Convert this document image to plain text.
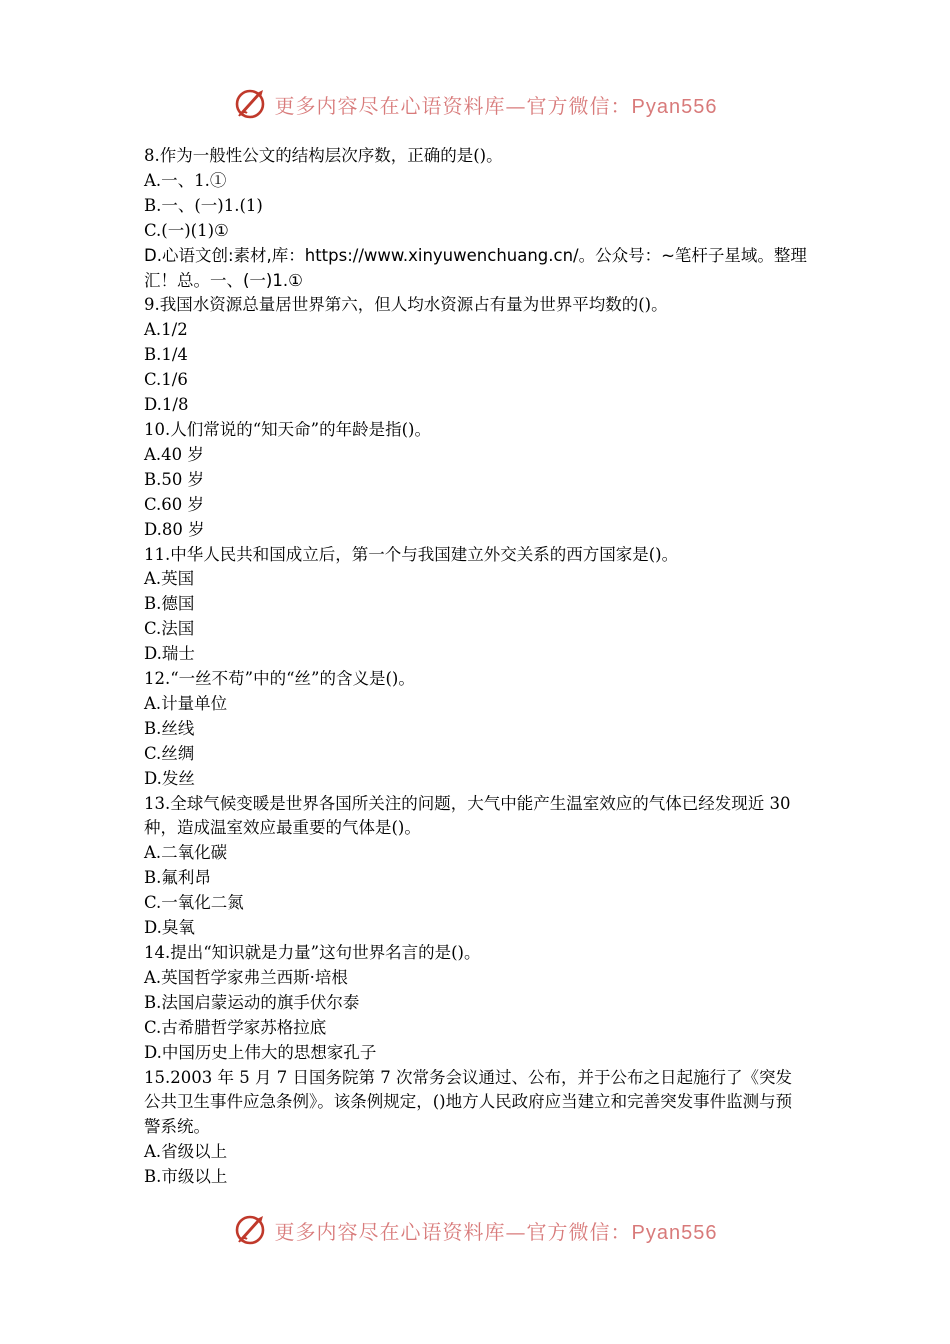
更多内容尽在心语资料库—官方微信：Pyan556
8.作为一般性公文的结构层次序数，正确的是()。
A.一、1.①
B.一、(一)1.(1)
C.(一)(1)①
D.心语文创:素材,库：https://www.xinyuwenchuang.cn/。公众号：~笔杆子星域。整理汇！总。一、(一)1.①
9.我国水资源总量居世界第六，但人均水资源占有量为世界平均数的()。
A.1/2
B.1/4
C.1/6
D.1/8
10.人们常说的“知天命”的年龄是指()。
A.40 岁
B.50 岁
C.60 岁
D.80 岁
11.中华人民共和国成立后，第一个与我国建立外交关系的西方国家是()。
A.英国
B.德国
C.法国
D.瑞士
12.“一丝不苟”中的“丝”的含义是()。
A.计量单位
B.丝线
C.丝绸
D.发丝
13.全球气候变暖是世界各国所关注的问题，大气中能产生温室效应的气体已经发现近 30 种，造成温室效应最重要的气体是()。
A.二氧化碳
B.氟利昂
C.一氧化二氮
D.臭氧
14.提出“知识就是力量”这句世界名言的是()。
A.英国哲学家弗兰西斯·培根
B.法国启蒙运动的旗手伏尔泰
C.古希腊哲学家苏格拉底
D.中国历史上伟大的思想家孔子
15.2003 年 5 月 7 日国务院第 7 次常务会议通过、公布，并于公布之日起施行了《突发公共卫生事件应急条例》。该条例规定，()地方人民政府应当建立和完善突发事件监测与预警系统。
A.省级以上
B.市级以上
更多内容尽在心语资料库—官方微信：Pyan556
